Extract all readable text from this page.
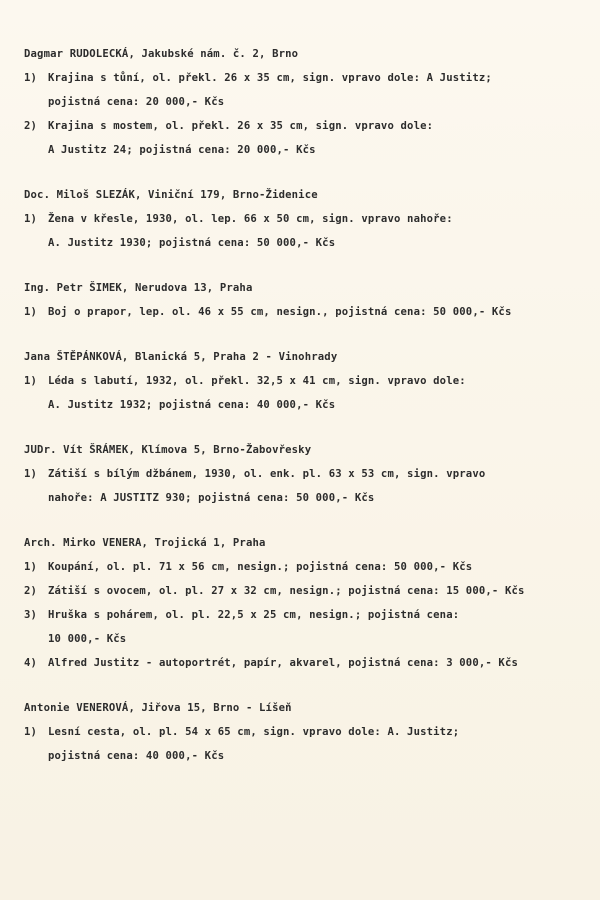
Dagmar RUDOLECKÁ, Jakubské nám. č. 2, Brno
1)	Krajina s tůní, ol. překl. 26 x 35 cm, sign. vpravo dole: A Justitz;
pojistná cena: 20 000,- Kčs
2)	Krajina s mostem, ol. překl. 26 x 35 cm, sign. vpravo dole:
A Justitz 24; pojistná cena: 20 000,- Kčs
Doc. Miloš SLEZÁK, Viniční 179, Brno-Židenice
1)	Žena v křesle, 1930, ol. lep. 66 x 50 cm, sign. vpravo nahoře:
A. Justitz 1930; pojistná cena: 50 000,- Kčs
Ing. Petr ŠIMEK, Nerudova 13, Praha
1)	Boj o prapor, lep. ol. 46 x 55 cm, nesign., pojistná cena: 50 000,- Kčs
Jana ŠTĚPÁNKOVÁ, Blanická 5, Praha 2 - Vinohrady
1)	Léda s labutí, 1932, ol. překl. 32,5 x 41 cm, sign. vpravo dole:
A. Justitz 1932; pojistná cena: 40 000,- Kčs
JUDr. Vít ŠRÁMEK, Klímova 5, Brno-Žabovřesky
1)	Zátiší s bílým džbánem, 1930, ol. enk. pl. 63 x 53 cm, sign. vpravo
nahoře: A JUSTITZ 930; pojistná cena: 50 000,- Kčs
Arch. Mirko VENERA, Trojická 1, Praha
1)	Koupání, ol. pl. 71 x 56 cm, nesign.; pojistná cena: 50 000,- Kčs
2)	Zátiší s ovocem, ol. pl. 27 x 32 cm, nesign.; pojistná cena: 15 000,- Kčs
3)	Hruška s pohárem, ol. pl. 22,5 x 25 cm, nesign.; pojistná cena:
10 000,- Kčs
4)	Alfred Justitz - autoportrét, papír, akvarel, pojistná cena: 3 000,- Kčs
Antonie VENEROVÁ, Jiřova 15, Brno - Líšeň
1)	Lesní cesta, ol. pl. 54 x 65 cm, sign. vpravo dole: A. Justitz;
pojistná cena: 40 000,- Kčs
